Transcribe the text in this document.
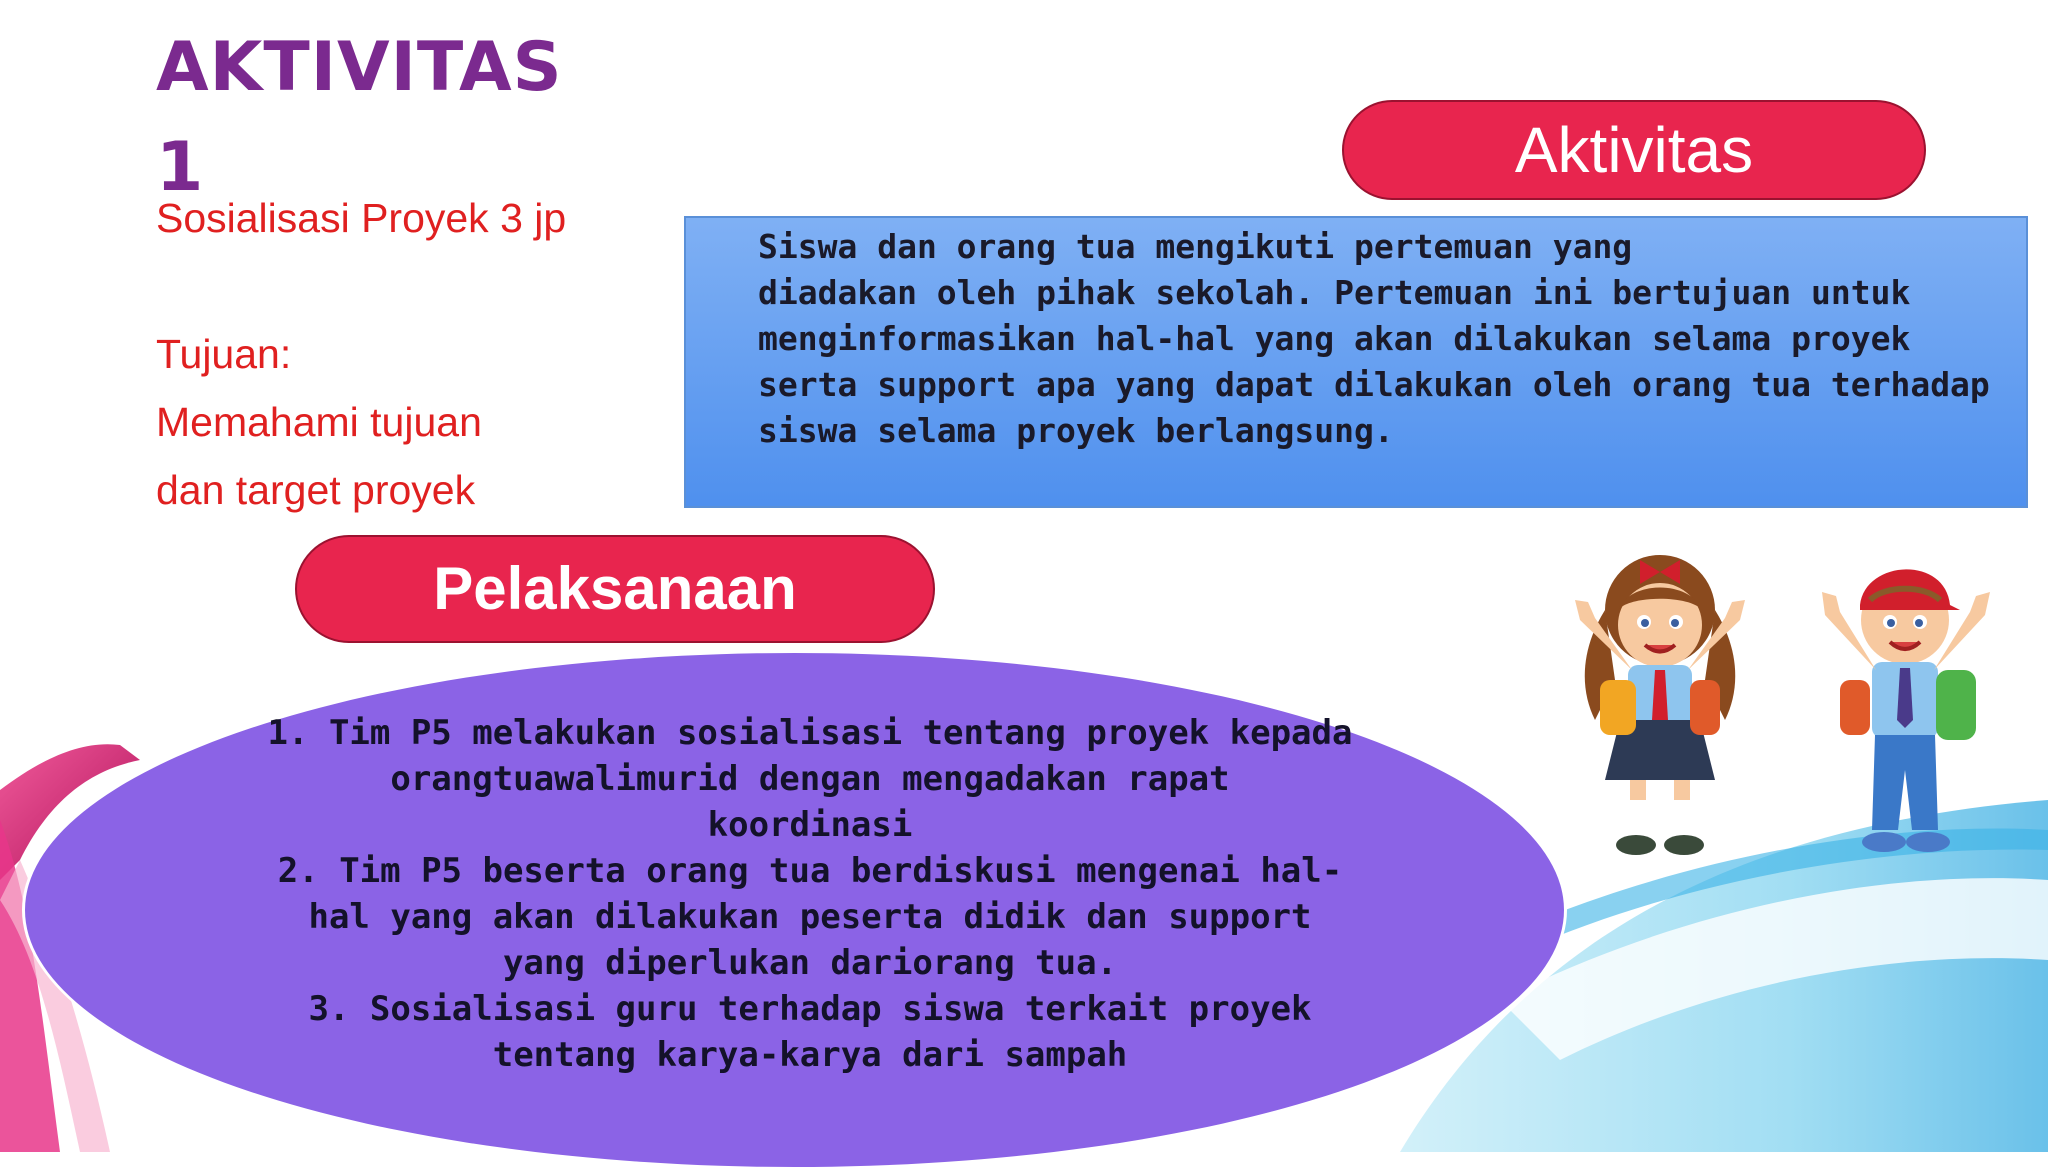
AKTIVITAS
1
Sosialisasi Proyek 3 jp
Tujuan:
Memahami tujuan
dan target proyek
Aktivitas
Siswa dan orang tua mengikuti pertemuan yang
diadakan oleh pihak sekolah. Pertemuan ini bertujuan untuk
menginformasikan hal-hal yang akan dilakukan selama proyek
serta support apa yang dapat dilakukan oleh orang tua terhadap
siswa selama proyek berlangsung.
Pelaksanaan
1. Tim P5 melakukan sosialisasi tentang proyek kepada
orangtuawalimurid dengan mengadakan rapat
koordinasi
2. Tim P5 beserta orang tua berdiskusi mengenai hal-
hal yang akan dilakukan peserta didik dan support
yang diperlukan dariorang tua.
3. Sosialisasi guru terhadap siswa terkait proyek
tentang karya-karya dari sampah
